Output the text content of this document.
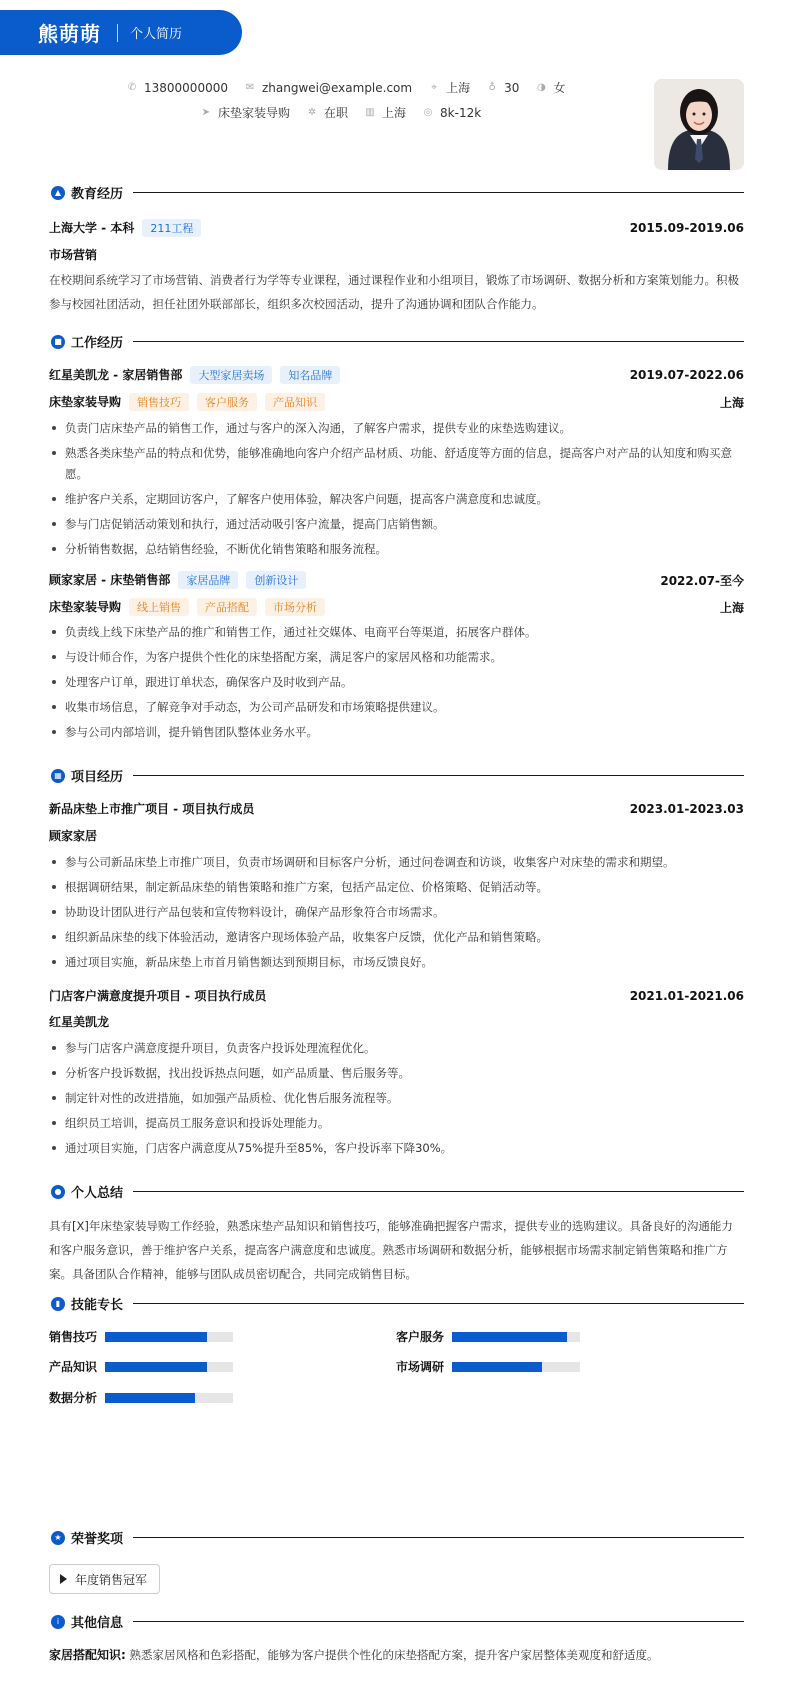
熊萌萌 个人简历
✆ 13800000000 ✉ zhangwei@example.com	⌖ 上海 ♁ 30 ◑ 女
➤ 床垫家装导购 ✲ 在职 ▥ 上海 ◎ 8k-12k
▲ 教育经历
上海大学 - 本科 211工程	2015.09-2019.06
市场营销
在校期间系统学习了市场营销、消费者行为学等专业课程，通过课程作业和小组项目，锻炼了市场调研、数据分析和方案策划能力。积极参与校园社团活动，担任社团外联部部长，组织多次校园活动，提升了沟通协调和团队合作能力。
■ 工作经历
红星美凯龙 - 家居销售部 大型家居卖场 知名品牌	2019.07-2022.06
床垫家装导购 销售技巧 客户服务 产品知识	上海
负责门店床垫产品的销售工作，通过与客户的深入沟通，了解客户需求，提供专业的床垫选购建议。
熟悉各类床垫产品的特点和优势，能够准确地向客户介绍产品材质、功能、舒适度等方面的信息，提高客户对产品的认知度和购买意愿。
维护客户关系，定期回访客户，了解客户使用体验，解决客户问题，提高客户满意度和忠诚度。
参与门店促销活动策划和执行，通过活动吸引客户流量，提高门店销售额。
分析销售数据，总结销售经验，不断优化销售策略和服务流程。
顾家家居 - 床垫销售部 家居品牌 创新设计	2022.07-至今
床垫家装导购 线上销售 产品搭配 市场分析	上海
负责线上线下床垫产品的推广和销售工作，通过社交媒体、电商平台等渠道，拓展客户群体。
与设计师合作，为客户提供个性化的床垫搭配方案，满足客户的家居风格和功能需求。
处理客户订单，跟进订单状态，确保客户及时收到产品。
收集市场信息，了解竞争对手动态，为公司产品研发和市场策略提供建议。
参与公司内部培训，提升销售团队整体业务水平。
▦ 项目经历
新品床垫上市推广项目 - 项目执行成员	2023.01-2023.03
顾家家居
参与公司新品床垫上市推广项目，负责市场调研和目标客户分析，通过问卷调查和访谈，收集客户对床垫的需求和期望。
根据调研结果，制定新品床垫的销售策略和推广方案，包括产品定位、价格策略、促销活动等。
协助设计团队进行产品包装和宣传物料设计，确保产品形象符合市场需求。
组织新品床垫的线下体验活动，邀请客户现场体验产品，收集客户反馈，优化产品和销售策略。
通过项目实施，新品床垫上市首月销售额达到预期目标，市场反馈良好。
门店客户满意度提升项目 - 项目执行成员	2021.01-2021.06
红星美凯龙
参与门店客户满意度提升项目，负责客户投诉处理流程优化。
分析客户投诉数据，找出投诉热点问题，如产品质量、售后服务等。
制定针对性的改进措施，如加强产品质检、优化售后服务流程等。
组织员工培训，提高员工服务意识和投诉处理能力。
通过项目实施，门店客户满意度从75%提升至85%，客户投诉率下降30%。
● 个人总结
具有[X]年床垫家装导购工作经验，熟悉床垫产品知识和销售技巧，能够准确把握客户需求，提供专业的选购建议。具备良好的沟通能力和客户服务意识，善于维护客户关系，提高客户满意度和忠诚度。熟悉市场调研和数据分析，能够根据市场需求制定销售策略和推广方案。具备团队合作精神，能够与团队成员密切配合，共同完成销售目标。
▮ 技能专长
销售技巧	客户服务
产品知识	市场调研
数据分析
★ 荣誉奖项
年度销售冠军
i 其他信息
家居搭配知识: 熟悉家居风格和色彩搭配，能够为客户提供个性化的床垫搭配方案，提升客户家居整体美观度和舒适度。
